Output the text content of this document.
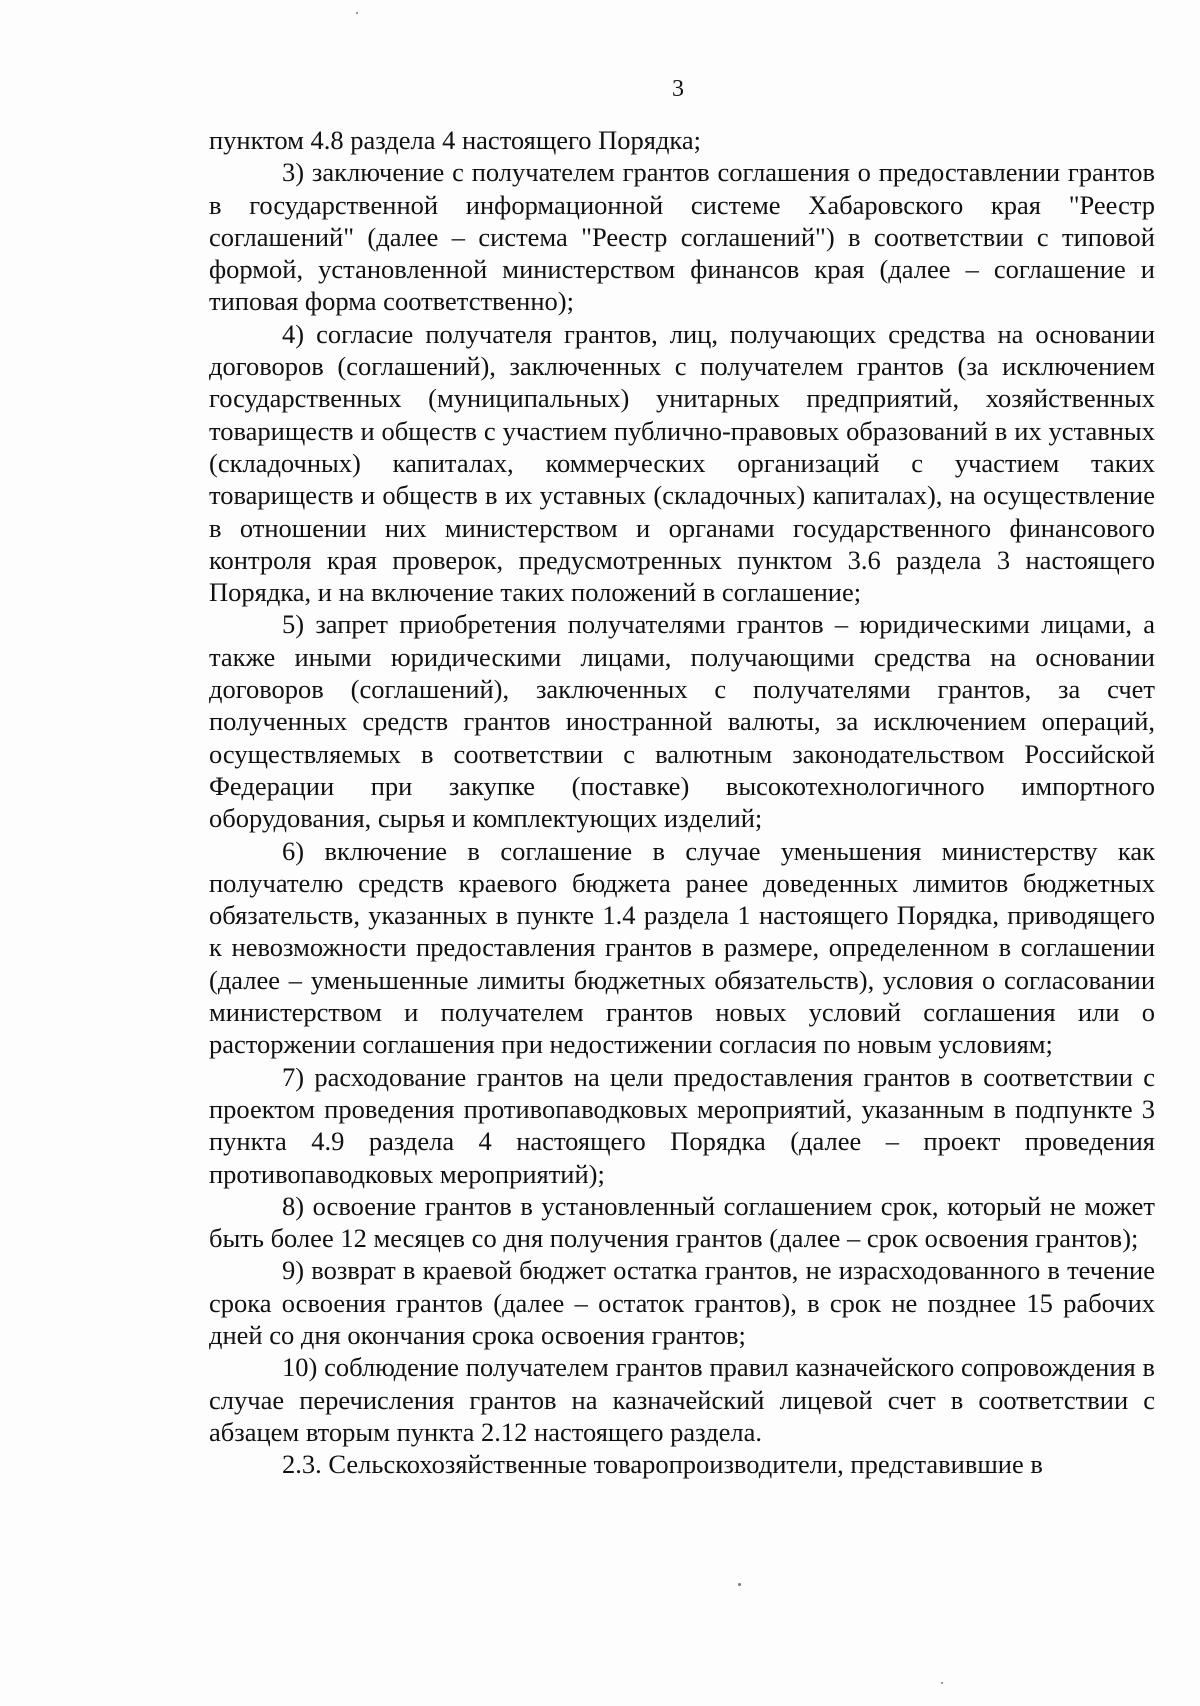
3

пунктом 4.8 раздела 4 настоящего Порядка;

3) заключение с получателем грантов соглашения о предоставлении грантов в государственной информационной системе Хабаровского края "Реестр соглашений" (далее – система "Реестр соглашений") в соответствии с типовой формой, установленной министерством финансов края (далее – соглашение и типовая форма соответственно);

4) согласие получателя грантов, лиц, получающих средства на основании договоров (соглашений), заключенных с получателем грантов (за исключением государственных (муниципальных) унитарных предприятий, хозяйственных товариществ и обществ с участием публично-правовых образований в их уставных (складочных) капиталах, коммерческих организаций с участием таких товариществ и обществ в их уставных (складочных) капиталах), на осуществление в отношении них министерством и органами государственного финансового контроля края проверок, предусмотренных пунктом 3.6 раздела 3 настоящего Порядка, и на включение таких положений в соглашение;

5) запрет приобретения получателями грантов – юридическими лицами, а также иными юридическими лицами, получающими средства на основании договоров (соглашений), заключенных с получателями грантов, за счет полученных средств грантов иностранной валюты, за исключением операций, осуществляемых в соответствии с валютным законодательством Российской Федерации при закупке (поставке) высокотехнологичного импортного оборудования, сырья и комплектующих изделий;

6) включение в соглашение в случае уменьшения министерству как получателю средств краевого бюджета ранее доведенных лимитов бюджетных обязательств, указанных в пункте 1.4 раздела 1 настоящего Порядка, приводящего к невозможности предоставления грантов в размере, определенном в соглашении (далее – уменьшенные лимиты бюджетных обязательств), условия о согласовании министерством и получателем грантов новых условий соглашения или о расторжении соглашения при недостижении согласия по новым условиям;

7) расходование грантов на цели предоставления грантов в соответствии с проектом проведения противопаводковых мероприятий, указанным в подпункте 3 пункта 4.9 раздела 4 настоящего Порядка (далее – проект проведения противопаводковых мероприятий);

8) освоение грантов в установленный соглашением срок, который не может быть более 12 месяцев со дня получения грантов (далее – срок освоения грантов);

9) возврат в краевой бюджет остатка грантов, не израсходованного в течение срока освоения грантов (далее – остаток грантов), в срок не позднее 15 рабочих дней со дня окончания срока освоения грантов;

10) соблюдение получателем грантов правил казначейского сопровождения в случае перечисления грантов на казначейский лицевой счет в соответствии с абзацем вторым пункта 2.12 настоящего раздела.

2.3. Сельскохозяйственные товаропроизводители, представившие в
